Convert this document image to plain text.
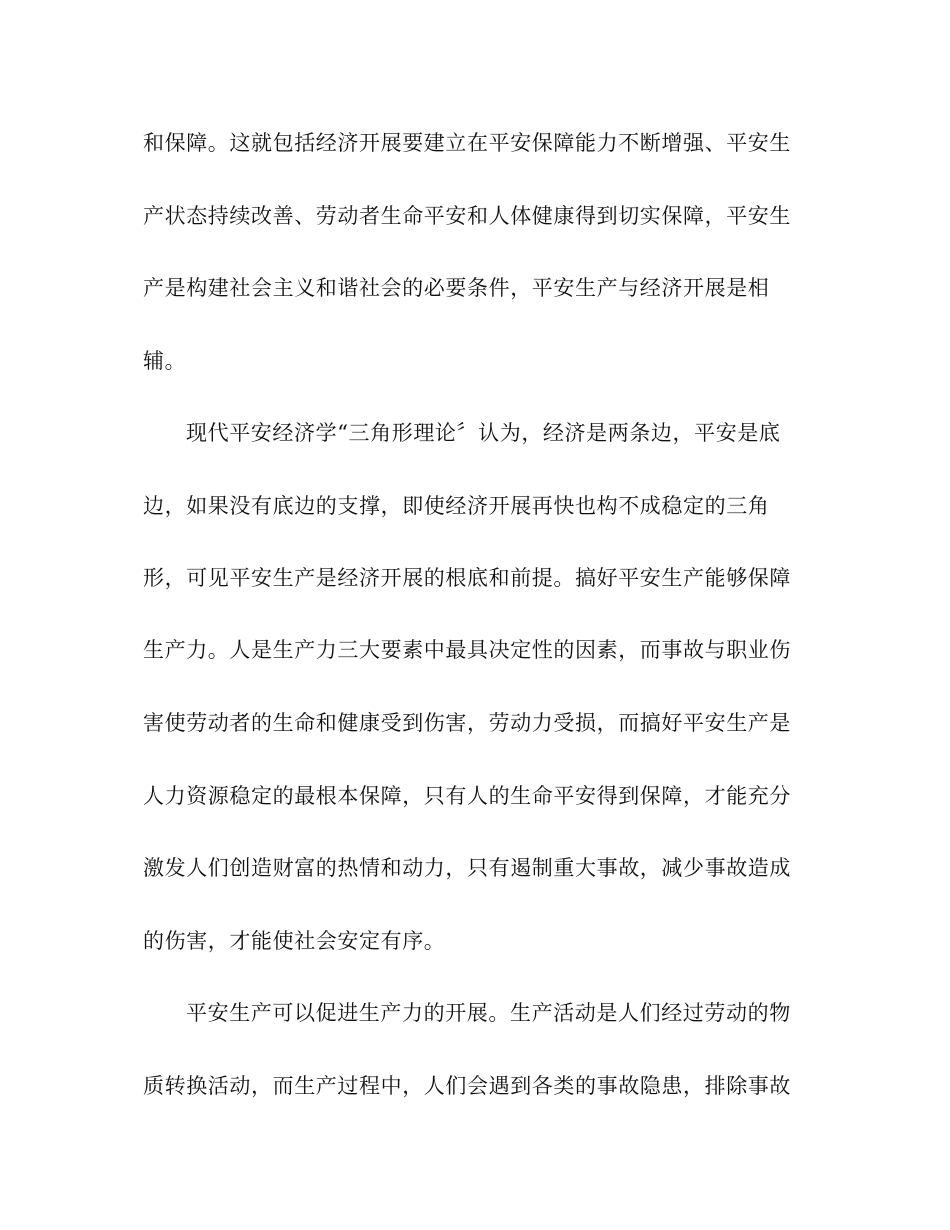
和保障。这就包括经济开展要建立在平安保障能力不断增强、平安生
产状态持续改善、劳动者生命平安和人体健康得到切实保障，平安生
产是构建社会主义和谐社会的必要条件，平安生产与经济开展是相
辅。
现代平安经济学“三角形理论〞认为，经济是两条边，平安是底
边，如果没有底边的支撑，即使经济开展再快也构不成稳定的三角
形，可见平安生产是经济开展的根底和前提。搞好平安生产能够保障
生产力。人是生产力三大要素中最具决定性的因素，而事故与职业伤
害使劳动者的生命和健康受到伤害，劳动力受损，而搞好平安生产是
人力资源稳定的最根本保障，只有人的生命平安得到保障，才能充分
激发人们创造财富的热情和动力，只有遏制重大事故，减少事故造成
的伤害，才能使社会安定有序。
平安生产可以促进生产力的开展。生产活动是人们经过劳动的物
质转换活动，而生产过程中，人们会遇到各类的事故隐患，排除事故
